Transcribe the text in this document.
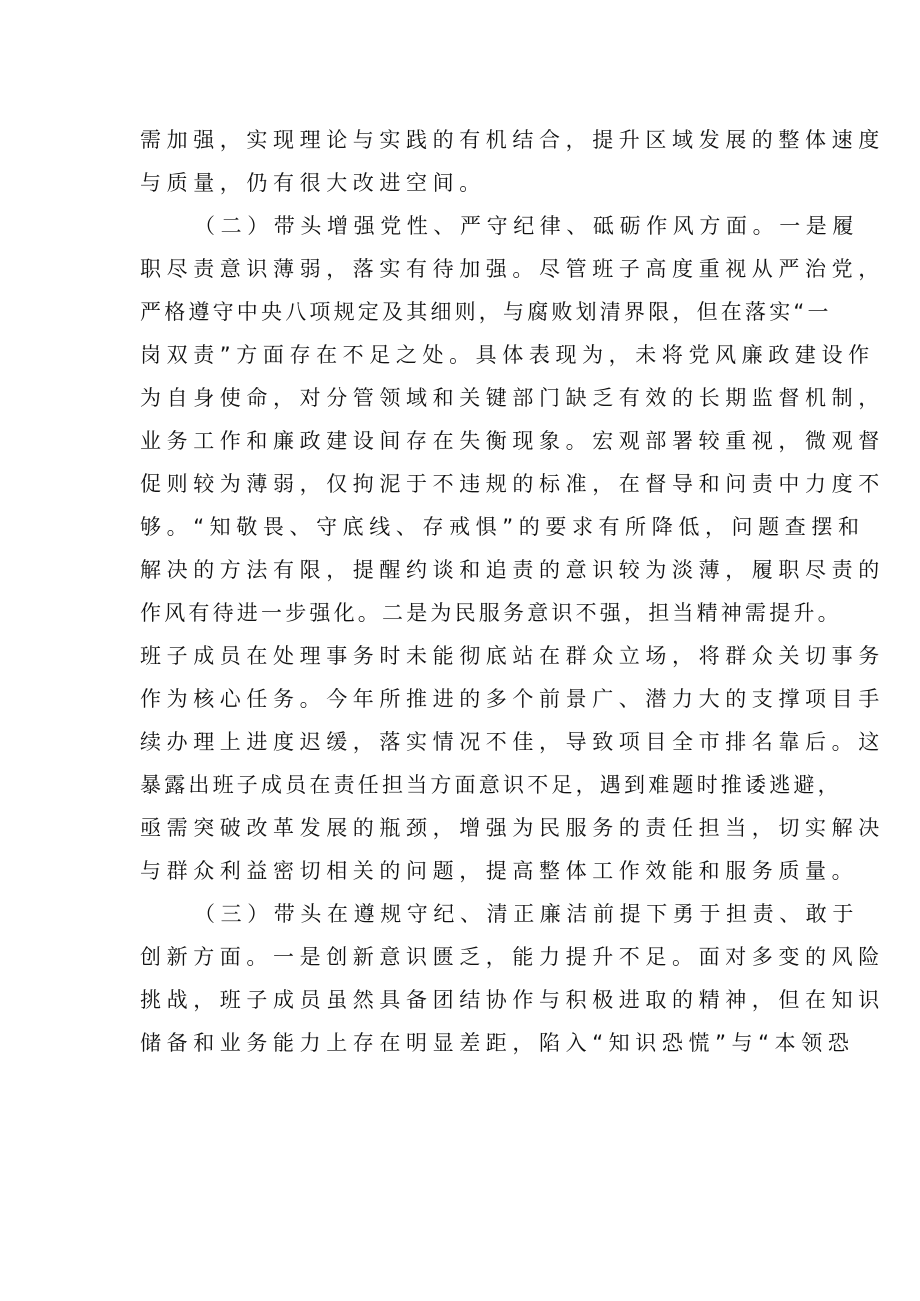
需加强，实现理论与实践的有机结合，提升区域发展的整体速度
与质量，仍有很大改进空间。
（二）带头增强党性、严守纪律、砥砺作风方面。一是履
职尽责意识薄弱，落实有待加强。尽管班子高度重视从严治党，
严格遵守中央八项规定及其细则，与腐败划清界限，但在落实“一
岗双责”方面存在不足之处。具体表现为，未将党风廉政建设作
为自身使命，对分管领域和关键部门缺乏有效的长期监督机制，
业务工作和廉政建设间存在失衡现象。宏观部署较重视，微观督
促则较为薄弱，仅拘泥于不违规的标准，在督导和问责中力度不
够。“知敬畏、守底线、存戒惧”的要求有所降低，问题查摆和
解决的方法有限，提醒约谈和追责的意识较为淡薄，履职尽责的
作风有待进一步强化。二是为民服务意识不强，担当精神需提升。
班子成员在处理事务时未能彻底站在群众立场，将群众关切事务
作为核心任务。今年所推进的多个前景广、潜力大的支撑项目手
续办理上进度迟缓，落实情况不佳，导致项目全市排名靠后。这
暴露出班子成员在责任担当方面意识不足，遇到难题时推诿逃避，
亟需突破改革发展的瓶颈，增强为民服务的责任担当，切实解决
与群众利益密切相关的问题，提高整体工作效能和服务质量。
（三）带头在遵规守纪、清正廉洁前提下勇于担责、敢于
创新方面。一是创新意识匮乏，能力提升不足。面对多变的风险
挑战，班子成员虽然具备团结协作与积极进取的精神，但在知识
储备和业务能力上存在明显差距，陷入“知识恐慌”与“本领恐
